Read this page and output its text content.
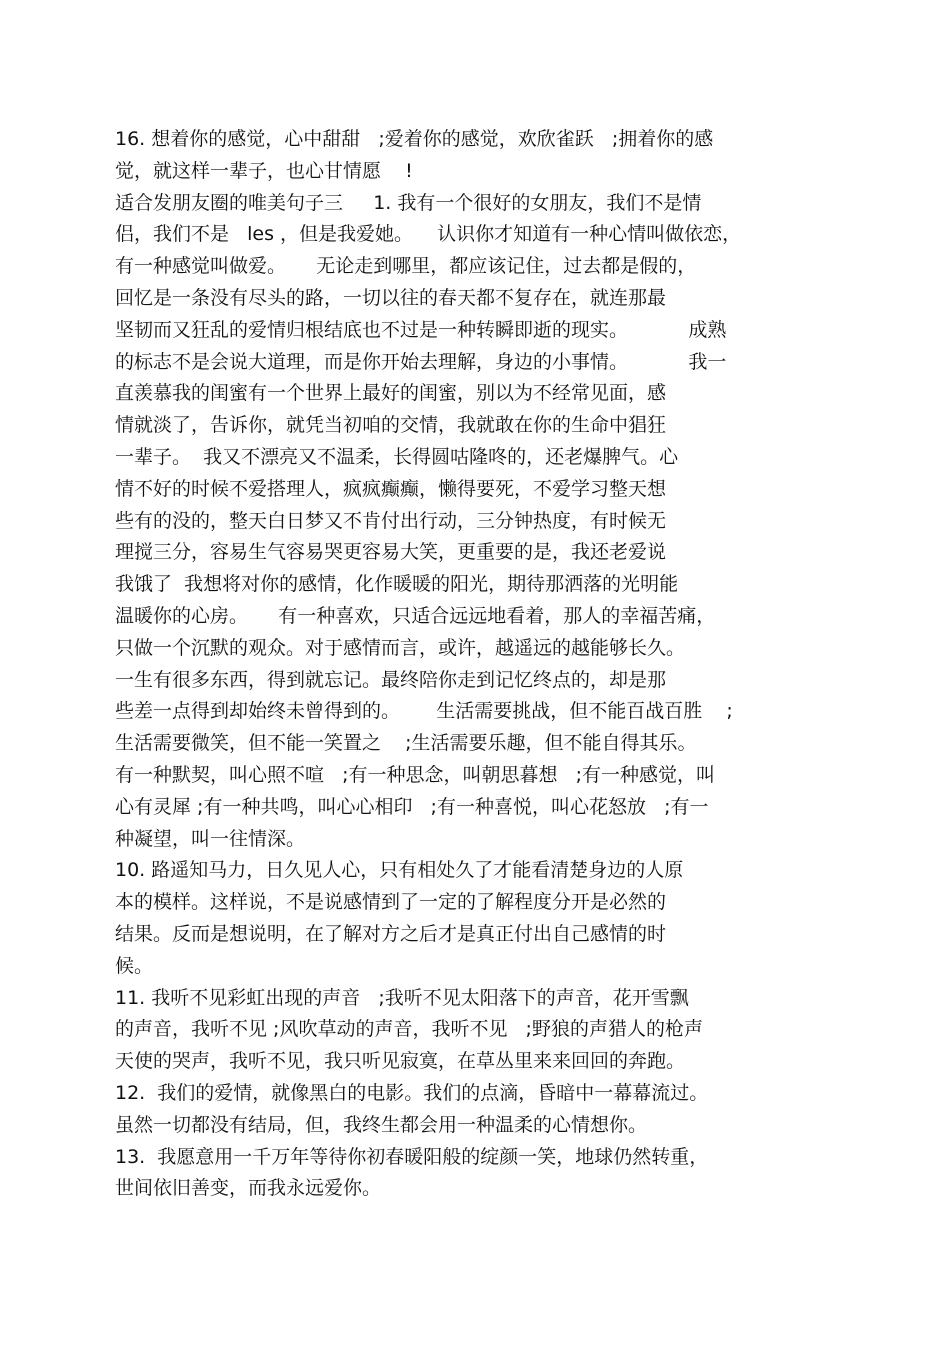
16. 想着你的感觉，心中甜甜   ;爱着你的感觉，欢欣雀跃   ;拥着你的感

觉，就这样一辈子，也心甘情愿    !

适合发朋友圈的唯美句子三     1. 我有一个很好的女朋友，我们不是情

侣，我们不是   les ，但是我爱她。    认识你才知道有一种心情叫做依恋，

有一种感觉叫做爱。     无论走到哪里，都应该记住，过去都是假的，

回忆是一条没有尽头的路，一切以往的春天都不复存在，就连那最

坚韧而又狂乱的爱情归根结底也不过是一种转瞬即逝的现实。          成熟

的标志不是会说大道理，而是你开始去理解，身边的小事情。          我一

直羡慕我的闺蜜有一个世界上最好的闺蜜，别以为不经常见面，感

情就淡了，告诉你，就凭当初咱的交情，我就敢在你的生命中猖狂

一辈子。  我又不漂亮又不温柔，长得圆咕隆咚的，还老爆脾气。心

情不好的时候不爱搭理人，疯疯癫癫，懒得要死，不爱学习整天想

些有的没的，整天白日梦又不肯付出行动，三分钟热度，有时候无

理搅三分，容易生气容易哭更容易大笑，更重要的是，我还老爱说

我饿了  我想将对你的感情，化作暖暖的阳光，期待那洒落的光明能

温暖你的心房。     有一种喜欢，只适合远远地看着，那人的幸福苦痛，

只做一个沉默的观众。对于感情而言，或许，越遥远的越能够长久。

一生有很多东西，得到就忘记。最终陪你走到记忆终点的，却是那

些差一点得到却始终未曾得到的。      生活需要挑战，但不能百战百胜    ;

生活需要微笑，但不能一笑置之    ;生活需要乐趣，但不能自得其乐。

有一种默契，叫心照不喧   ;有一种思念，叫朝思暮想   ;有一种感觉，叫

心有灵犀 ;有一种共鸣，叫心心相印   ;有一种喜悦，叫心花怒放   ;有一

种凝望，叫一往情深。

10. 路遥知马力，日久见人心，只有相处久了才能看清楚身边的人原

本的模样。这样说，不是说感情到了一定的了解程度分开是必然的

结果。反而是想说明，在了解对方之后才是真正付出自己感情的时

候。

11. 我听不见彩虹出现的声音   ;我听不见太阳落下的声音，花开雪飘

的声音，我听不见 ;风吹草动的声音，我听不见   ;野狼的声猎人的枪声

天使的哭声，我听不见，我只听见寂寞，在草丛里来来回回的奔跑。

12.  我们的爱情，就像黑白的电影。我们的点滴，昏暗中一幕幕流过。

虽然一切都没有结局，但，我终生都会用一种温柔的心情想你。

13.  我愿意用一千万年等待你初春暖阳般的绽颜一笑，地球仍然转重，

世间依旧善变，而我永远爱你。
